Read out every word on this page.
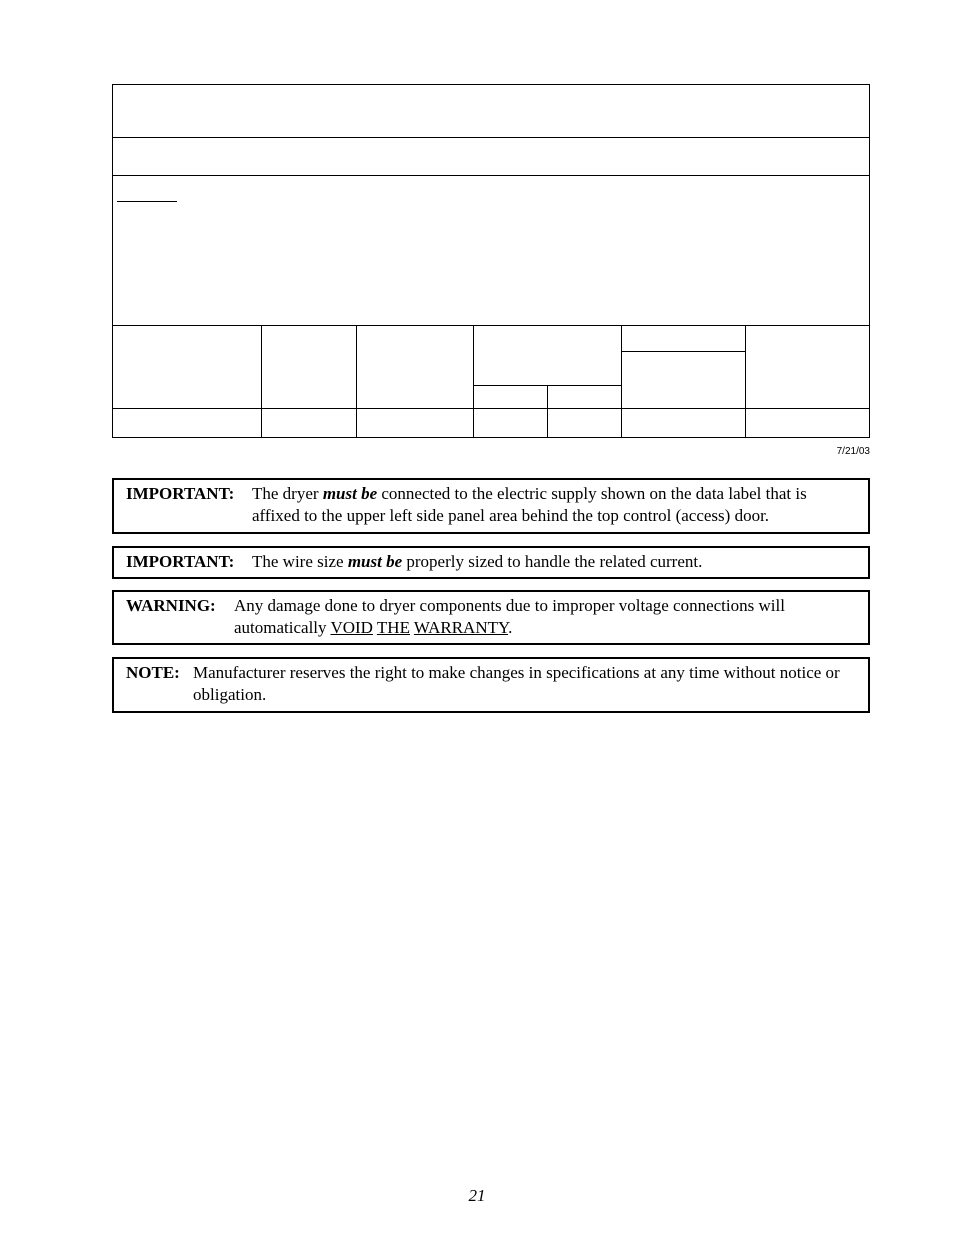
7/21/03
IMPORTANT:	The dryer must be connected to the electric supply shown on the data label that is affixed to the upper left side panel area behind the top control (access) door.
IMPORTANT:	The wire size must be properly sized to handle the related current.
WARNING:	Any damage done to dryer components due to improper voltage connections will automatically VOID THE WARRANTY.
NOTE: Manufacturer reserves the right to make changes in specifications at any time without notice or obligation.
21
